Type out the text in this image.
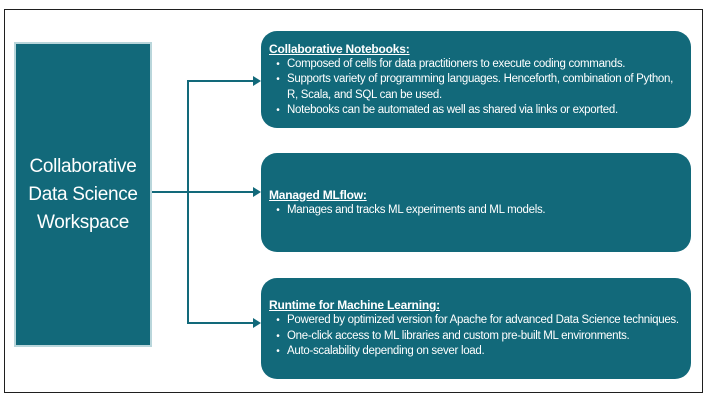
Collaborative
Data Science
Workspace
Collaborative Notebooks:
• Composed of cells for data practitioners to execute coding commands.
• Supports variety of programming languages. Henceforth, combination of Python, R, Scala, and SQL can be used.
• Notebooks can be automated as well as shared via links or exported.
Managed MLflow:
• Manages and tracks ML experiments and ML models.
Runtime for Machine Learning:
• Powered by optimized version for Apache for advanced Data Science techniques.
• One-click access to ML libraries and custom pre-built ML environments.
• Auto-scalability depending on sever load.
